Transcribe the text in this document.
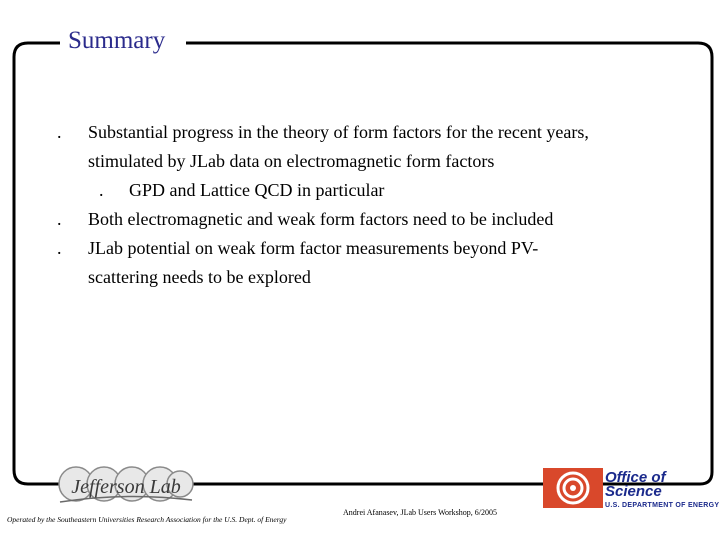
Summary
. Substantial progress in the theory of form factors for the recent years,
stimulated by JLab data on electromagnetic form factors
. GPD and Lattice QCD in particular
. Both electromagnetic and weak form factors need to be included
. JLab potential on weak form factor measurements beyond PV-
scattering needs to be explored
Jefferson Lab
Operated by the Southeastern Universities Research Association for the U.S. Dept. of Energy
Andrei Afanasev, JLab Users Workshop, 6/2005
Office of
Science
U.S. DEPARTMENT OF ENERGY
